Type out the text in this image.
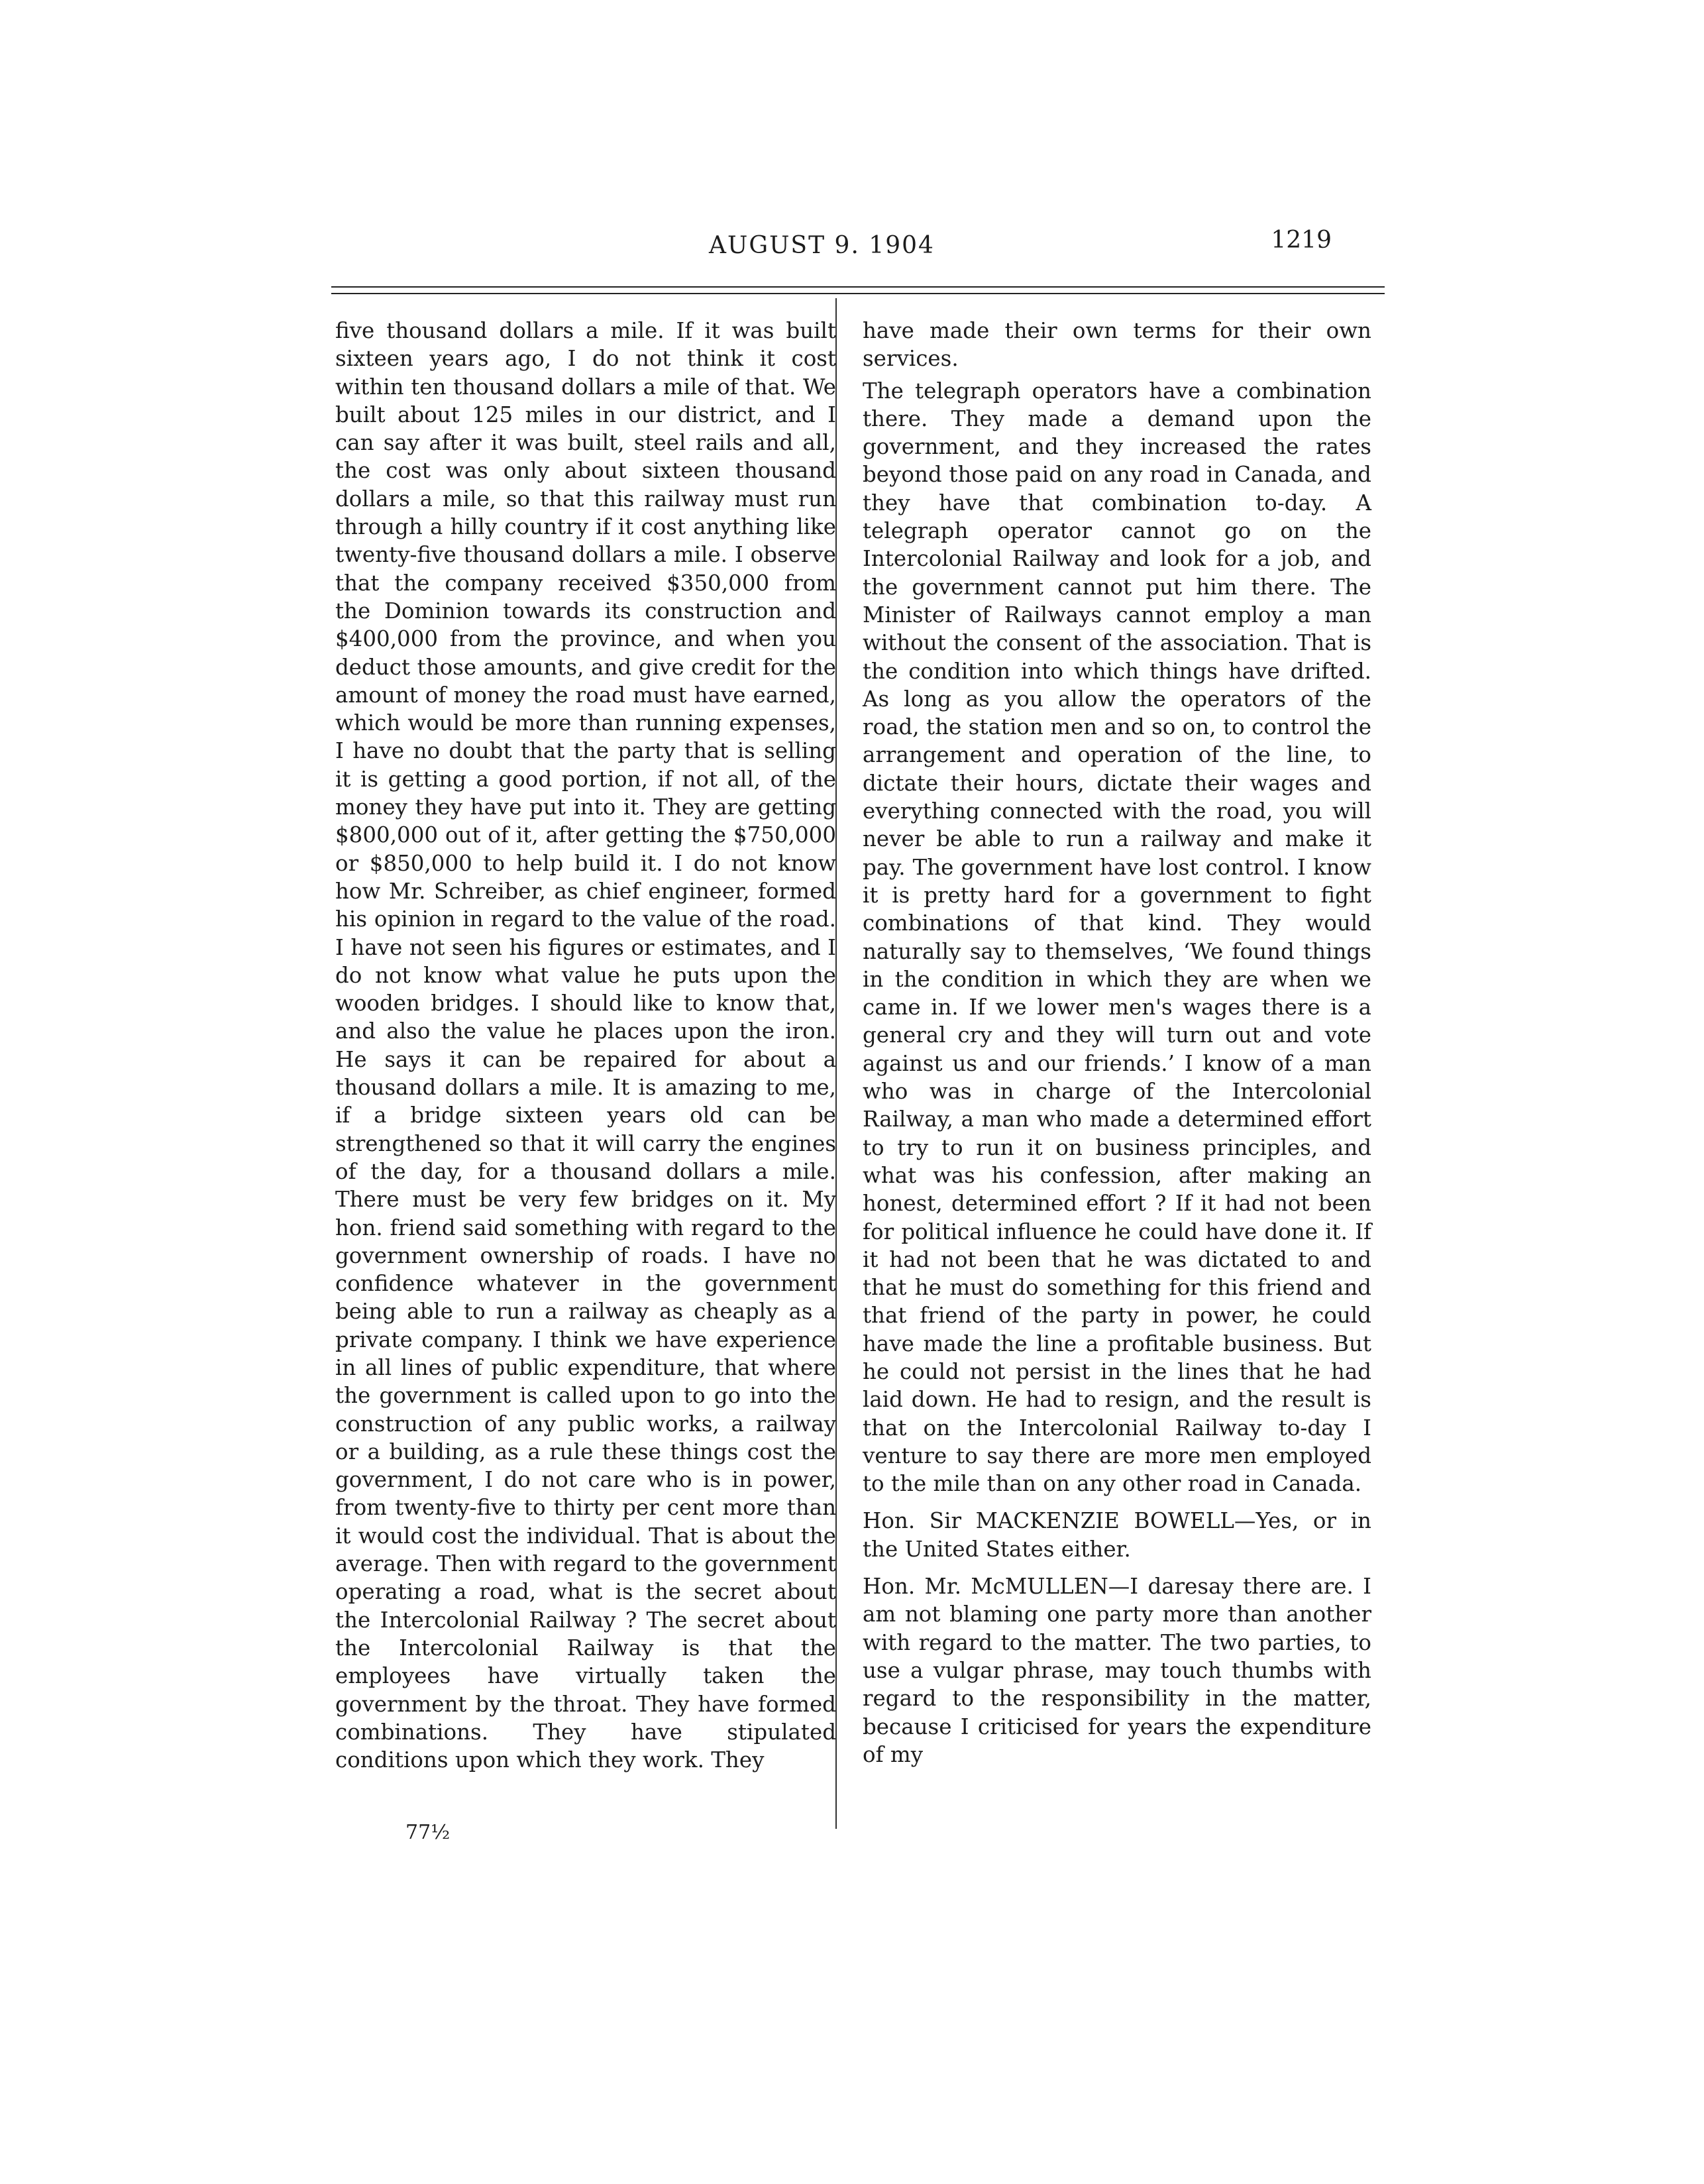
AUGUST 9. 1904	1219

five thousand dollars a mile. If it was built sixteen years ago, I do not think it cost within ten thousand dollars a mile of that. We built about 125 miles in our district, and I can say after it was built, steel rails and all, the cost was only about sixteen thousand dollars a mile, so that this railway must run through a hilly country if it cost anything like twenty-five thousand dollars a mile. I observe that the company received $350,000 from the Dominion towards its construction and $400,000 from the province, and when you deduct those amounts, and give credit for the amount of money the road must have earned, which would be more than running expenses, I have no doubt that the party that is selling it is getting a good portion, if not all, of the money they have put into it. They are getting $800,000 out of it, after getting the $750,000 or $850,000 to help build it. I do not know how Mr. Schreiber, as chief engineer, formed his opinion in regard to the value of the road. I have not seen his figures or estimates, and I do not know what value he puts upon the wooden bridges. I should like to know that, and also the value he places upon the iron. He says it can be repaired for about a thousand dollars a mile. It is amazing to me, if a bridge sixteen years old can be strengthened so that it will carry the engines of the day, for a thousand dollars a mile. There must be very few bridges on it. My hon. friend said something with regard to the government ownership of roads. I have no confidence whatever in the government being able to run a railway as cheaply as a private company. I think we have experience in all lines of public expenditure, that where the government is called upon to go into the construction of any public works, a railway or a building, as a rule these things cost the government, I do not care who is in power, from twenty-five to thirty per cent more than it would cost the individual. That is about the average. Then with regard to the government operating a road, what is the secret about the Intercolonial Railway ? The secret about the Intercolonial Railway is that the employees have virtually taken the government by the throat. They have formed combinations. They have stipulated conditions upon which they work. They

77½

have made their own terms for their own services.

The telegraph operators have a combination there. They made a demand upon the government, and they increased the rates beyond those paid on any road in Canada, and they have that combination to-day. A telegraph operator cannot go on the Intercolonial Railway and look for a job, and the government cannot put him there. The Minister of Railways cannot employ a man without the consent of the association. That is the condition into which things have drifted. As long as you allow the operators of the road, the station men and so on, to control the arrangement and operation of the line, to dictate their hours, dictate their wages and everything connected with the road, you will never be able to run a railway and make it pay. The government have lost control. I know it is pretty hard for a government to fight combinations of that kind. They would naturally say to themselves, ‘We found things in the condition in which they are when we came in. If we lower men's wages there is a general cry and they will turn out and vote against us and our friends.’ I know of a man who was in charge of the Intercolonial Railway, a man who made a determined effort to try to run it on business principles, and what was his confession, after making an honest, determined effort ? If it had not been for political influence he could have done it. If it had not been that he was dictated to and that he must do something for this friend and that friend of the party in power, he could have made the line a profitable business. But he could not persist in the lines that he had laid down. He had to resign, and the result is that on the Intercolonial Railway to-day I venture to say there are more men employed to the mile than on any other road in Canada.

Hon. Sir MACKENZIE BOWELL—Yes, or in the United States either.

Hon. Mr. McMULLEN—I daresay there are. I am not blaming one party more than another with regard to the matter. The two parties, to use a vulgar phrase, may touch thumbs with regard to the responsibility in the matter, because I criticised for years the expenditure of my
